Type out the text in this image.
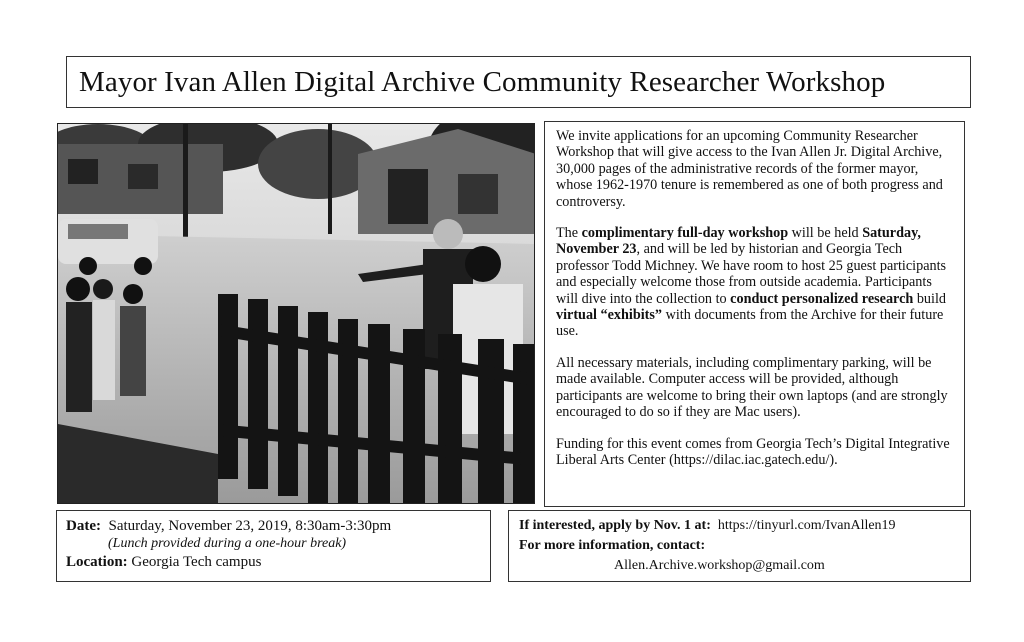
Mayor Ivan Allen Digital Archive Community Researcher Workshop

We invite applications for an upcoming Community Researcher Workshop that will give access to the Ivan Allen Jr. Digital Archive, 30,000 pages of the administrative records of the former mayor, whose 1962-1970 tenure is remembered as one of both progress and controversy.

The complimentary full-day workshop will be held Saturday, November 23, and will be led by historian and Georgia Tech professor Todd Michney. We have room to host 25 guest participants and especially welcome those from outside academia. Participants will dive into the collection to conduct personalized research build virtual “exhibits” with documents from the Archive for their future use.

All necessary materials, including complimentary parking, will be made available. Computer access will be provided, although participants are welcome to bring their own laptops (and are strongly encouraged to do so if they are Mac users).

Funding for this event comes from Georgia Tech’s Digital Integrative Liberal Arts Center (https://dilac.iac.gatech.edu/).

Date: Saturday, November 23, 2019, 8:30am-3:30pm
(Lunch provided during a one-hour break)
Location: Georgia Tech campus
If interested, apply by Nov. 1 at: https://tinyurl.com/IvanAllen19
For more information, contact:
Allen.Archive.workshop@gmail.com
